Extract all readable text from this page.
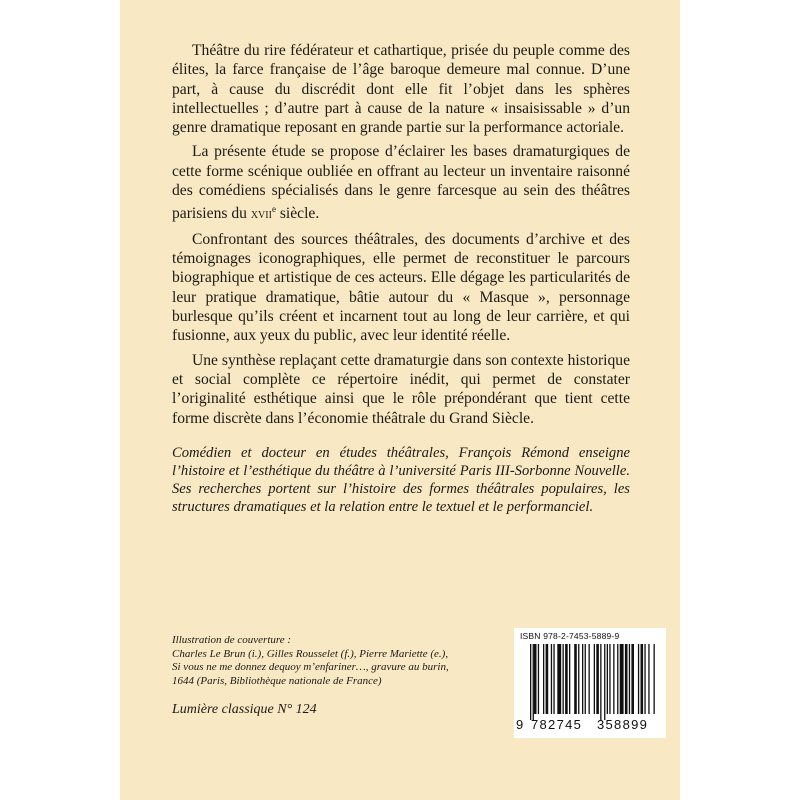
Théâtre du rire fédérateur et cathartique, prisée du peuple comme des élites, la farce française de l’âge baroque demeure mal connue. D’une part, à cause du discrédit dont elle fit l’objet dans les sphères intellectuelles ; d’autre part à cause de la nature « insaisissable » d’un genre dramatique reposant en grande partie sur la performance actoriale.

La présente étude se propose d’éclairer les bases dramaturgiques de cette forme scénique oubliée en offrant au lecteur un inventaire raisonné des comédiens spécialisés dans le genre farcesque au sein des théâtres parisiens du xvii$^e$ siècle.

Confrontant des sources théâtrales, des documents d’archive et des témoignages iconographiques, elle permet de reconstituer le parcours biographique et artistique de ces acteurs. Elle dégage les particularités de leur pratique dramatique, bâtie autour du « Masque », personnage burlesque qu’ils créent et incarnent tout au long de leur carrière, et qui fusionne, aux yeux du public, avec leur identité réelle.

Une synthèse replaçant cette dramaturgie dans son contexte historique et social complète ce répertoire inédit, qui permet de constater l’originalité esthétique ainsi que le rôle prépondérant que tient cette forme discrète dans l’économie théâtrale du Grand Siècle.

Comédien et docteur en études théâtrales, François Rémond enseigne l’histoire et l’esthétique du théâtre à l’université Paris III-Sorbonne Nouvelle. Ses recherches portent sur l’histoire des formes théâtrales populaires, les structures dramatiques et la relation entre le textuel et le performanciel.

Illustration de couverture :
Charles Le Brun (i.), Gilles Rousselet (f.), Pierre Mariette (e.),
Si vous ne me donnez dequoy m’enfariner…, gravure au burin,
1644 (Paris, Bibliothèque nationale de France)
Lumière classique N° 124
ISBN 978-2-7453-5889-9
9 782745 358899
